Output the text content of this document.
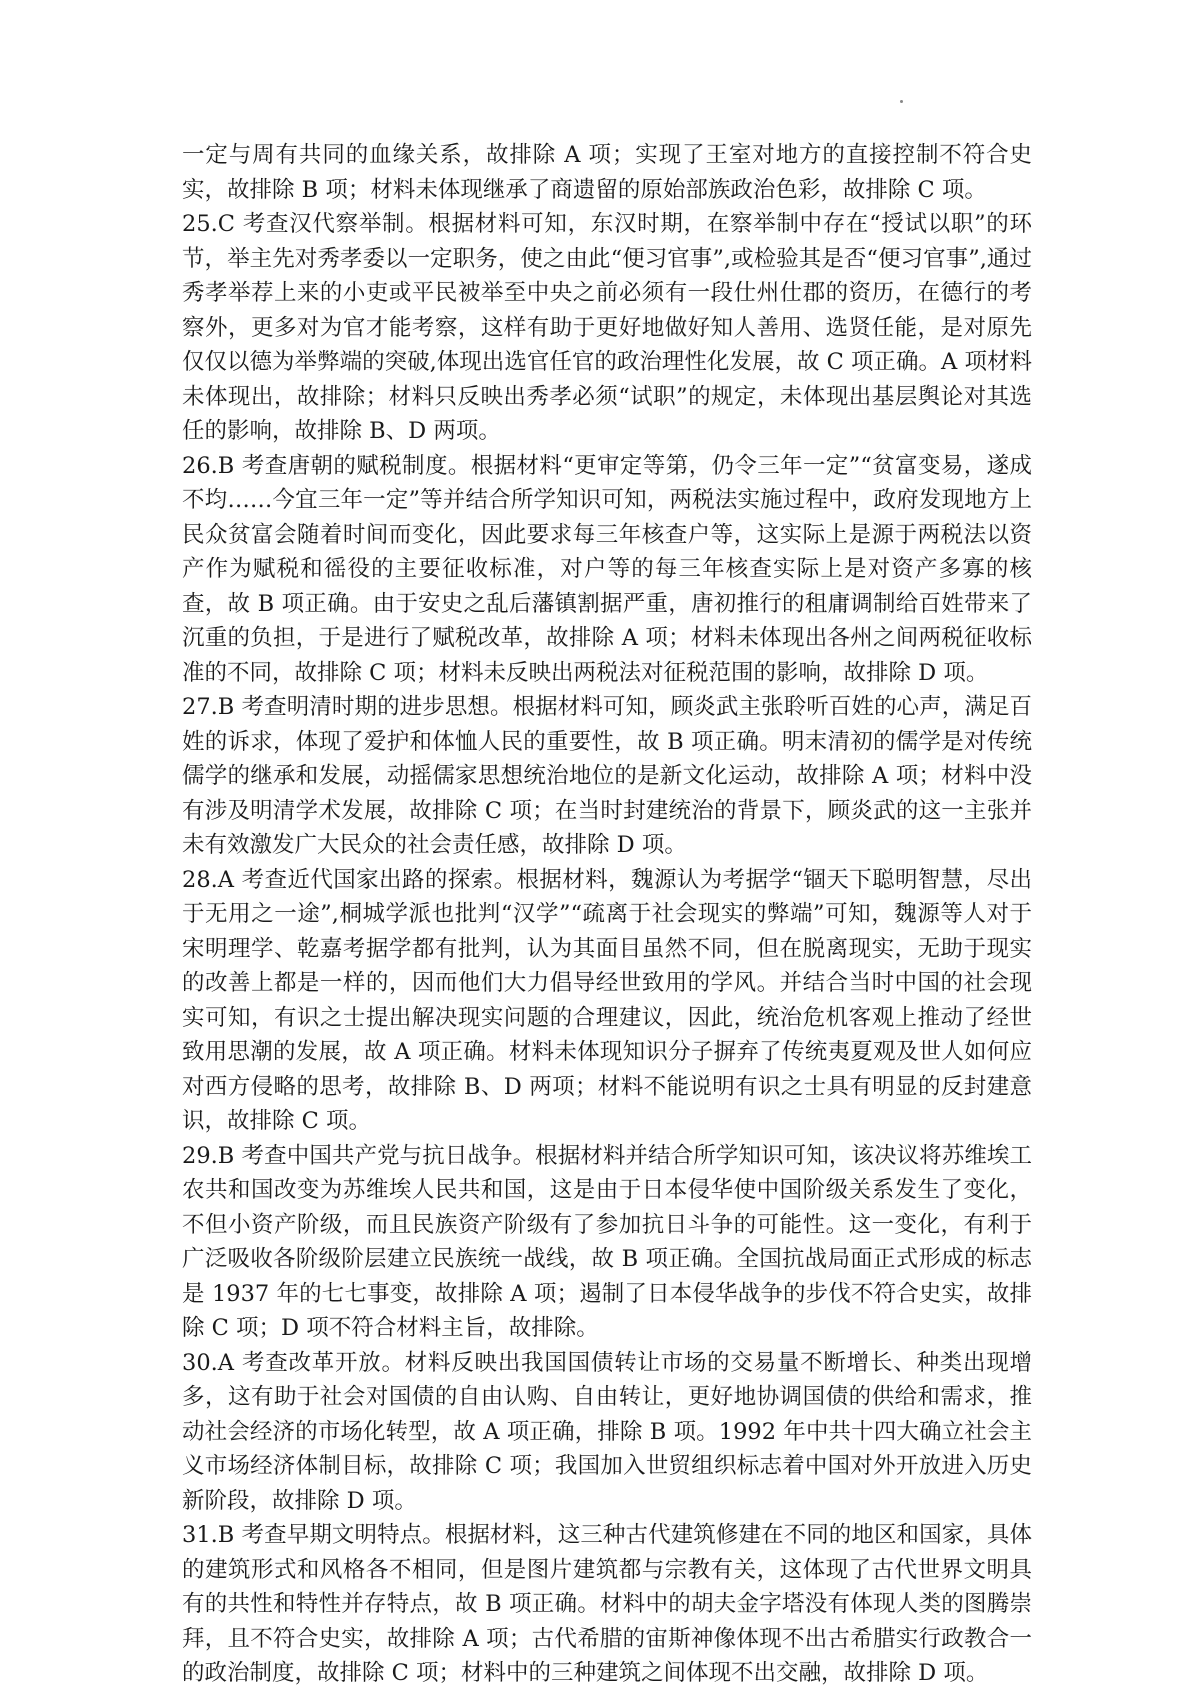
一定与周有共同的血缘关系，故排除 A 项；实现了王室对地方的直接控制不符合史实，故排除 B 项；材料未体现继承了商遗留的原始部族政治色彩，故排除 C 项。

25.C 考查汉代察举制。根据材料可知，东汉时期，在察举制中存在“授试以职”的环节，举主先对秀孝委以一定职务，使之由此“便习官事”,或检验其是否“便习官事”,通过秀孝举荐上来的小吏或平民被举至中央之前必须有一段仕州仕郡的资历，在德行的考察外，更多对为官才能考察，这样有助于更好地做好知人善用、选贤任能，是对原先仅仅以德为举弊端的突破,体现出选官任官的政治理性化发展，故 C 项正确。A 项材料未体现出，故排除；材料只反映出秀孝必须“试职”的规定，未体现出基层舆论对其选任的影响，故排除 B、D 两项。

26.B 考查唐朝的赋税制度。根据材料“更审定等第，仍令三年一定”“贫富变易，遂成不均……今宜三年一定”等并结合所学知识可知，两税法实施过程中，政府发现地方上民众贫富会随着时间而变化，因此要求每三年核查户等，这实际上是源于两税法以资产作为赋税和徭役的主要征收标准，对户等的每三年核查实际上是对资产多寡的核查，故 B 项正确。由于安史之乱后藩镇割据严重，唐初推行的租庸调制给百姓带来了沉重的负担，于是进行了赋税改革，故排除 A 项；材料未体现出各州之间两税征收标准的不同，故排除 C 项；材料未反映出两税法对征税范围的影响，故排除 D 项。

27.B 考查明清时期的进步思想。根据材料可知，顾炎武主张聆听百姓的心声，满足百姓的诉求，体现了爱护和体恤人民的重要性，故 B 项正确。明末清初的儒学是对传统儒学的继承和发展，动摇儒家思想统治地位的是新文化运动，故排除 A 项；材料中没有涉及明清学术发展，故排除 C 项；在当时封建统治的背景下，顾炎武的这一主张并未有效激发广大民众的社会责任感，故排除 D 项。

28.A 考查近代国家出路的探索。根据材料，魏源认为考据学“锢天下聪明智慧，尽出于无用之一途”,桐城学派也批判“汉学”“疏离于社会现实的弊端”可知，魏源等人对于宋明理学、乾嘉考据学都有批判，认为其面目虽然不同，但在脱离现实，无助于现实的改善上都是一样的，因而他们大力倡导经世致用的学风。并结合当时中国的社会现实可知，有识之士提出解决现实问题的合理建议，因此，统治危机客观上推动了经世致用思潮的发展，故 A 项正确。材料未体现知识分子摒弃了传统夷夏观及世人如何应对西方侵略的思考，故排除 B、D 两项；材料不能说明有识之士具有明显的反封建意识，故排除 C 项。

29.B 考查中国共产党与抗日战争。根据材料并结合所学知识可知，该决议将苏维埃工农共和国改变为苏维埃人民共和国，这是由于日本侵华使中国阶级关系发生了变化，不但小资产阶级，而且民族资产阶级有了参加抗日斗争的可能性。这一变化，有利于广泛吸收各阶级阶层建立民族统一战线，故 B 项正确。全国抗战局面正式形成的标志是 1937 年的七七事变，故排除 A 项；遏制了日本侵华战争的步伐不符合史实，故排除 C 项；D 项不符合材料主旨，故排除。

30.A 考查改革开放。材料反映出我国国债转让市场的交易量不断增长、种类出现增多，这有助于社会对国债的自由认购、自由转让，更好地协调国债的供给和需求，推动社会经济的市场化转型，故 A 项正确，排除 B 项。1992 年中共十四大确立社会主义市场经济体制目标，故排除 C 项；我国加入世贸组织标志着中国对外开放进入历史新阶段，故排除 D 项。

31.B 考查早期文明特点。根据材料，这三种古代建筑修建在不同的地区和国家，具体的建筑形式和风格各不相同，但是图片建筑都与宗教有关，这体现了古代世界文明具有的共性和特性并存特点，故 B 项正确。材料中的胡夫金字塔没有体现人类的图腾崇拜，且不符合史实，故排除 A 项；古代希腊的宙斯神像体现不出古希腊实行政教合一的政治制度，故排除 C 项；材料中的三种建筑之间体现不出交融，故排除 D 项。
